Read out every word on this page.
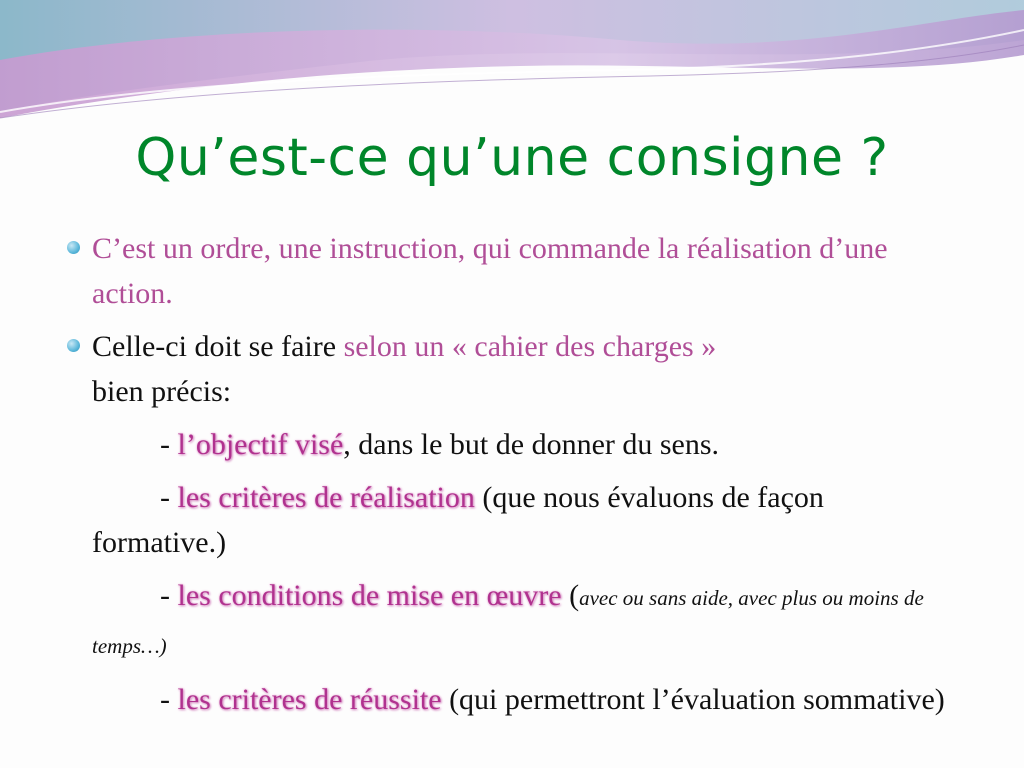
Qu’est-ce qu’une consigne ?
C’est un ordre, une instruction, qui commande la réalisation d’une action.
Celle-ci doit se faire selon un « cahier des charges »
bien précis:
- l’objectif visé, dans le but de donner du sens.
- les critères de réalisation (que nous évaluons de façon formative.)
- les conditions de mise en œuvre (avec ou sans aide, avec plus ou moins de temps…)
- les critères de réussite (qui permettront l’évaluation sommative)
